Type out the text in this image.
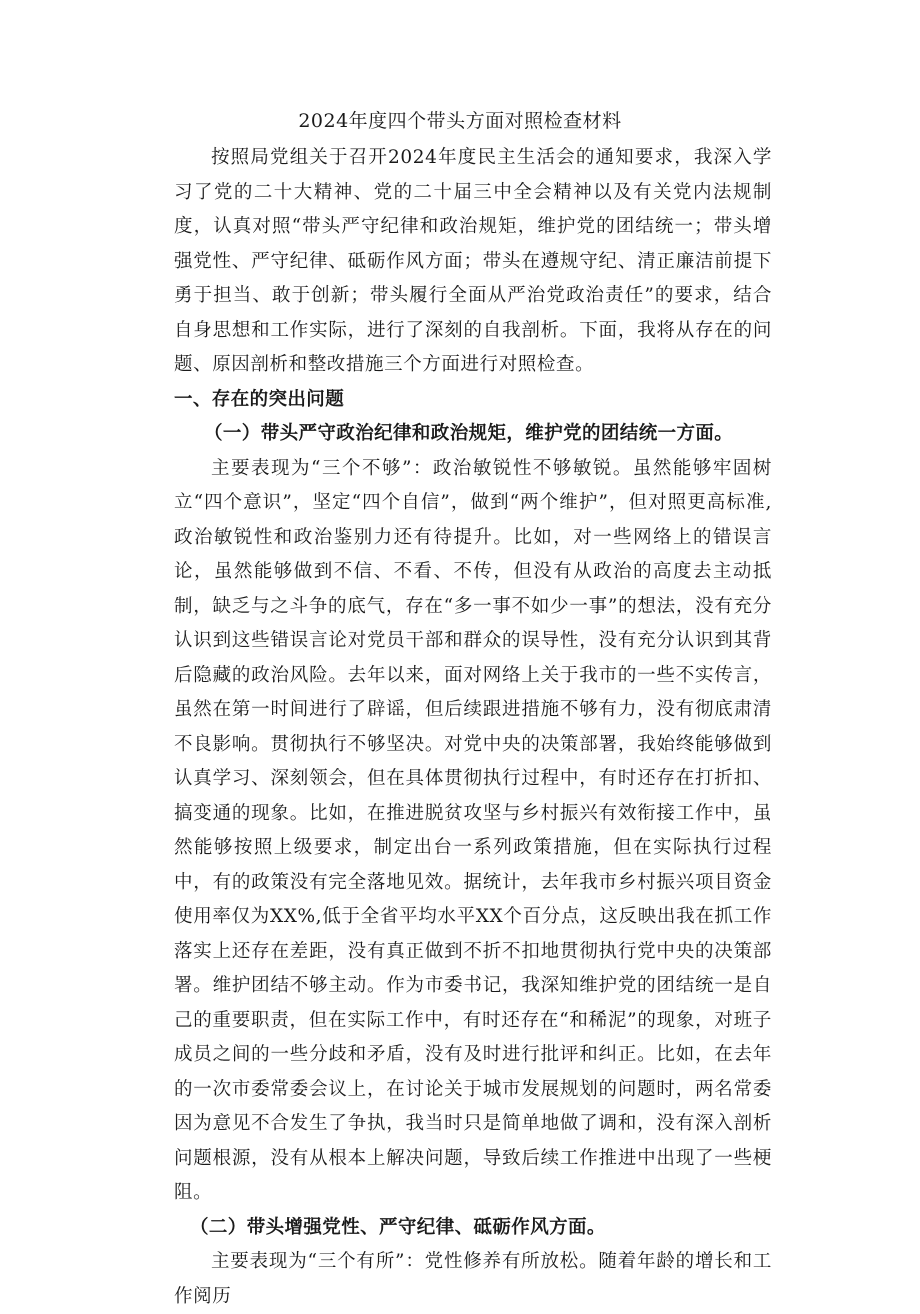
2024年度四个带头方面对照检查材料

按照局党组关于召开2024年度民主生活会的通知要求，我深入学习了党的二十大精神、党的二十届三中全会精神以及有关党内法规制度，认真对照“带头严守纪律和政治规矩，维护党的团结统一；带头增强党性、严守纪律、砥砺作风方面；带头在遵规守纪、清正廉洁前提下勇于担当、敢于创新；带头履行全面从严治党政治责任”的要求，结合自身思想和工作实际，进行了深刻的自我剖析。下面，我将从存在的问题、原因剖析和整改措施三个方面进行对照检查。

一、存在的突出问题

（一）带头严守政治纪律和政治规矩，维护党的团结统一方面。

主要表现为“三个不够”：政治敏锐性不够敏锐。虽然能够牢固树立“四个意识”，坚定“四个自信”，做到“两个维护”，但对照更高标准,政治敏锐性和政治鉴别力还有待提升。比如，对一些网络上的错误言论，虽然能够做到不信、不看、不传，但没有从政治的高度去主动抵制，缺乏与之斗争的底气，存在“多一事不如少一事”的想法，没有充分认识到这些错误言论对党员干部和群众的误导性，没有充分认识到其背后隐藏的政治风险。去年以来，面对网络上关于我市的一些不实传言，虽然在第一时间进行了辟谣，但后续跟进措施不够有力，没有彻底肃清不良影响。贯彻执行不够坚决。对党中央的决策部署，我始终能够做到认真学习、深刻领会，但在具体贯彻执行过程中，有时还存在打折扣、搞变通的现象。比如，在推进脱贫攻坚与乡村振兴有效衔接工作中，虽然能够按照上级要求，制定出台一系列政策措施，但在实际执行过程中，有的政策没有完全落地见效。据统计，去年我市乡村振兴项目资金使用率仅为XX%,低于全省平均水平XX个百分点，这反映出我在抓工作落实上还存在差距，没有真正做到不折不扣地贯彻执行党中央的决策部署。维护团结不够主动。作为市委书记，我深知维护党的团结统一是自己的重要职责，但在实际工作中，有时还存在“和稀泥”的现象，对班子成员之间的一些分歧和矛盾，没有及时进行批评和纠正。比如，在去年的一次市委常委会议上，在讨论关于城市发展规划的问题时，两名常委因为意见不合发生了争执，我当时只是简单地做了调和，没有深入剖析问题根源，没有从根本上解决问题，导致后续工作推进中出现了一些梗阻。

（二）带头增强党性、严守纪律、砥砺作风方面。

主要表现为“三个有所”：党性修养有所放松。随着年龄的增长和工作阅历
